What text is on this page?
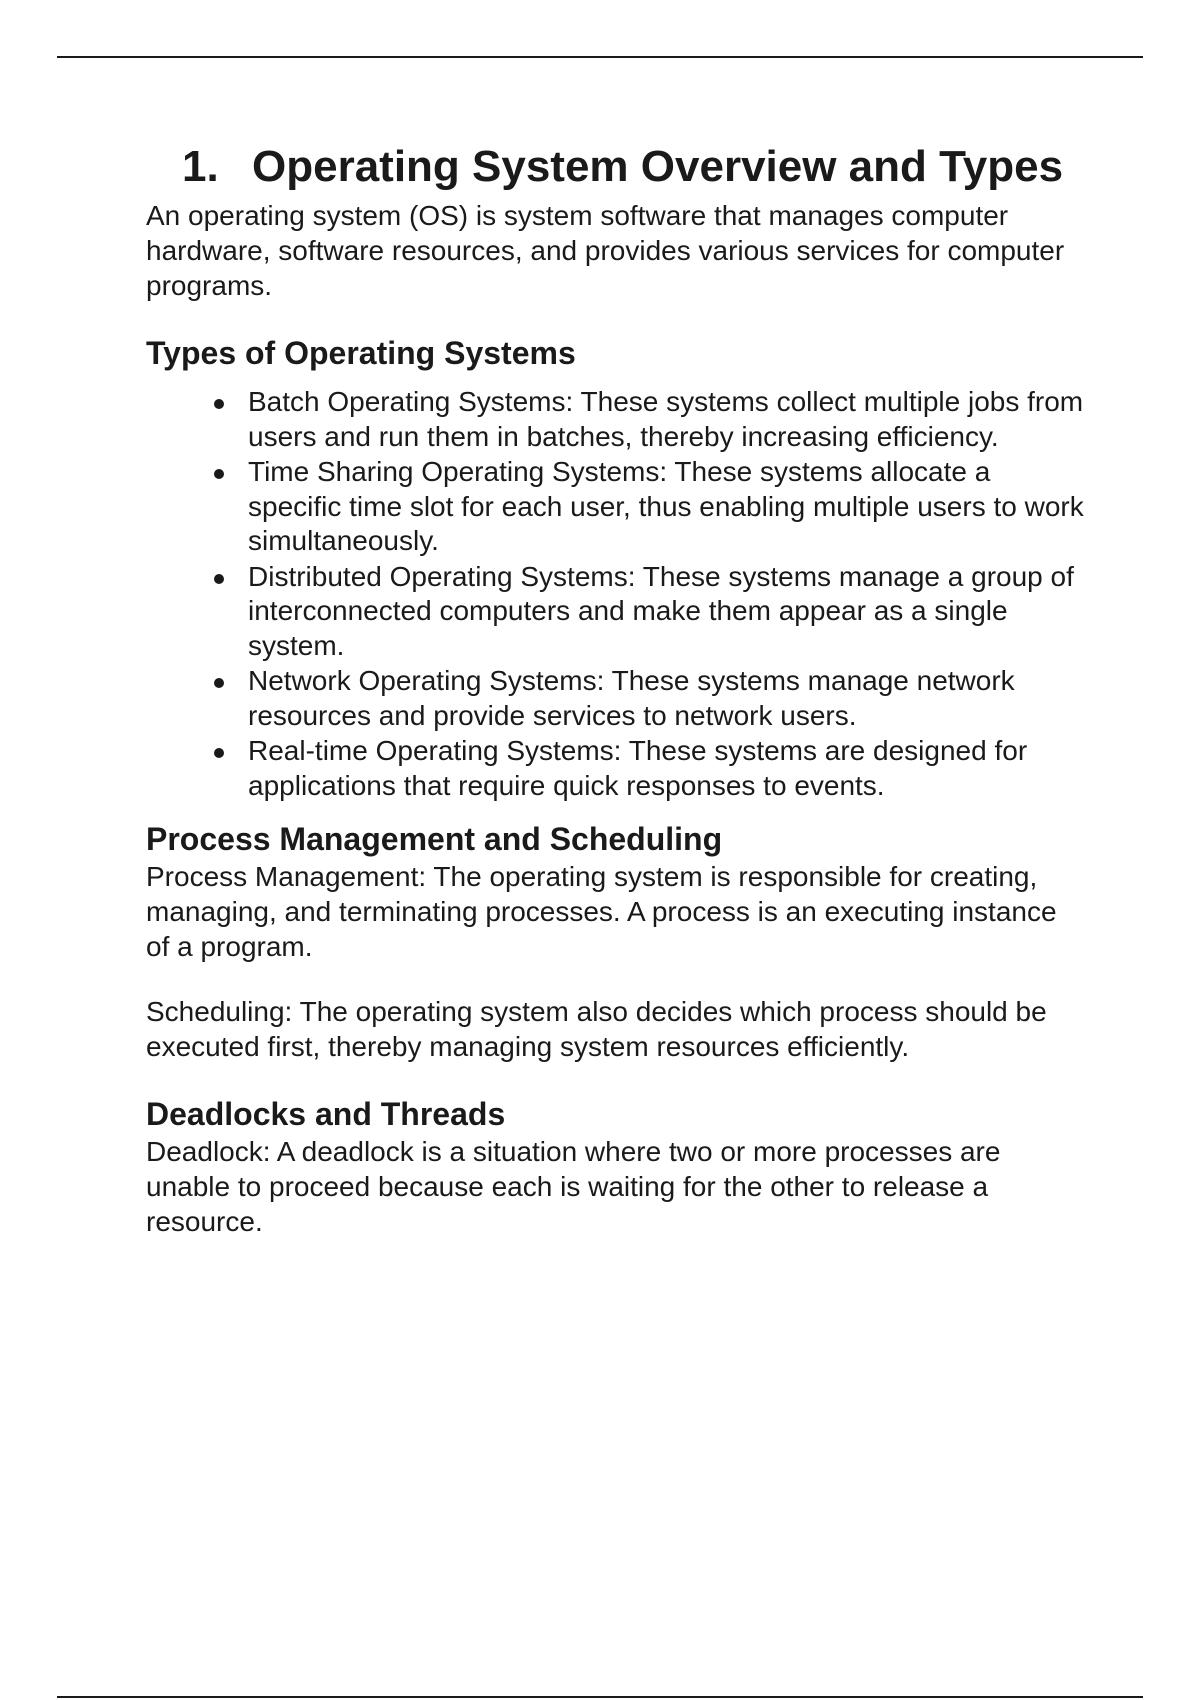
1. Operating System Overview and Types

An operating system (OS) is system software that manages computer hardware, software resources, and provides various services for computer programs.

Types of Operating Systems
Batch Operating Systems: These systems collect multiple jobs from users and run them in batches, thereby increasing efficiency.
Time Sharing Operating Systems: These systems allocate a specific time slot for each user, thus enabling multiple users to work simultaneously.
Distributed Operating Systems: These systems manage a group of interconnected computers and make them appear as a single system.
Network Operating Systems: These systems manage network resources and provide services to network users.
Real-time Operating Systems: These systems are designed for applications that require quick responses to events.
Process Management and Scheduling

Process Management: The operating system is responsible for creating, managing, and terminating processes. A process is an executing instance of a program.

Scheduling: The operating system also decides which process should be executed first, thereby managing system resources efficiently.

Deadlocks and Threads

Deadlock: A deadlock is a situation where two or more processes are unable to proceed because each is waiting for the other to release a resource.
